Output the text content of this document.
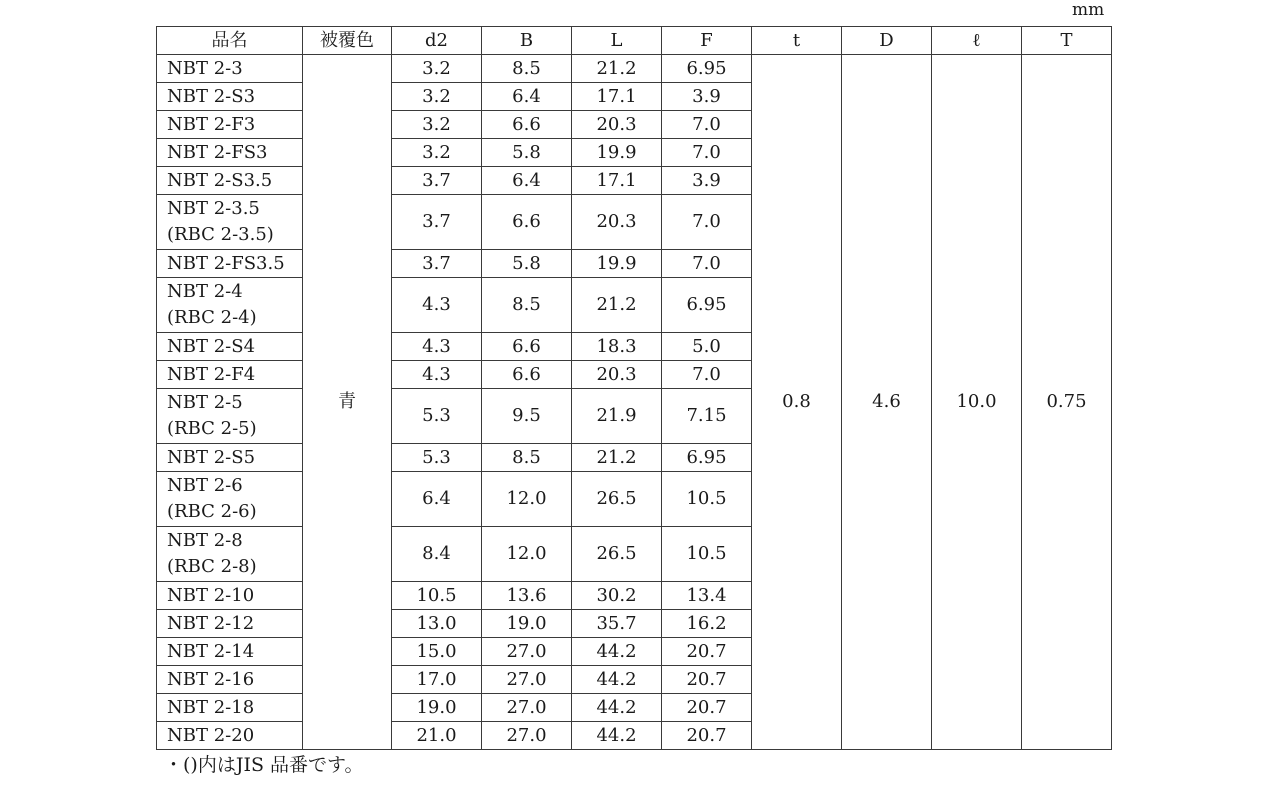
mm
品名	被覆色	d2	B	L	F	t	D	ℓ	T

NBT 2-3	青	3.2	8.5	21.2	6.95	0.8	4.6	10.0	0.75

NBT 2-S3		3.2	6.4	17.1	3.9				

NBT 2-F3		3.2	6.6	20.3	7.0				

NBT 2-FS3		3.2	5.8	19.9	7.0				

NBT 2-S3.5		3.7	6.4	17.1	3.9				

NBT 2-3.5
(RBC 2-3.5)		3.7	6.6	20.3	7.0				

NBT 2-FS3.5		3.7	5.8	19.9	7.0				

NBT 2-4
(RBC 2-4)		4.3	8.5	21.2	6.95				

NBT 2-S4		4.3	6.6	18.3	5.0				

NBT 2-F4		4.3	6.6	20.3	7.0				

NBT 2-5
(RBC 2-5)		5.3	9.5	21.9	7.15				

NBT 2-S5		5.3	8.5	21.2	6.95				

NBT 2-6
(RBC 2-6)		6.4	12.0	26.5	10.5				

NBT 2-8
(RBC 2-8)		8.4	12.0	26.5	10.5				

NBT 2-10		10.5	13.6	30.2	13.4				

NBT 2-12		13.0	19.0	35.7	16.2				

NBT 2-14		15.0	27.0	44.2	20.7				

NBT 2-16		17.0	27.0	44.2	20.7				

NBT 2-18		19.0	27.0	44.2	20.7				

NBT 2-20		21.0	27.0	44.2	20.7				
・()内はJIS 品番です。
